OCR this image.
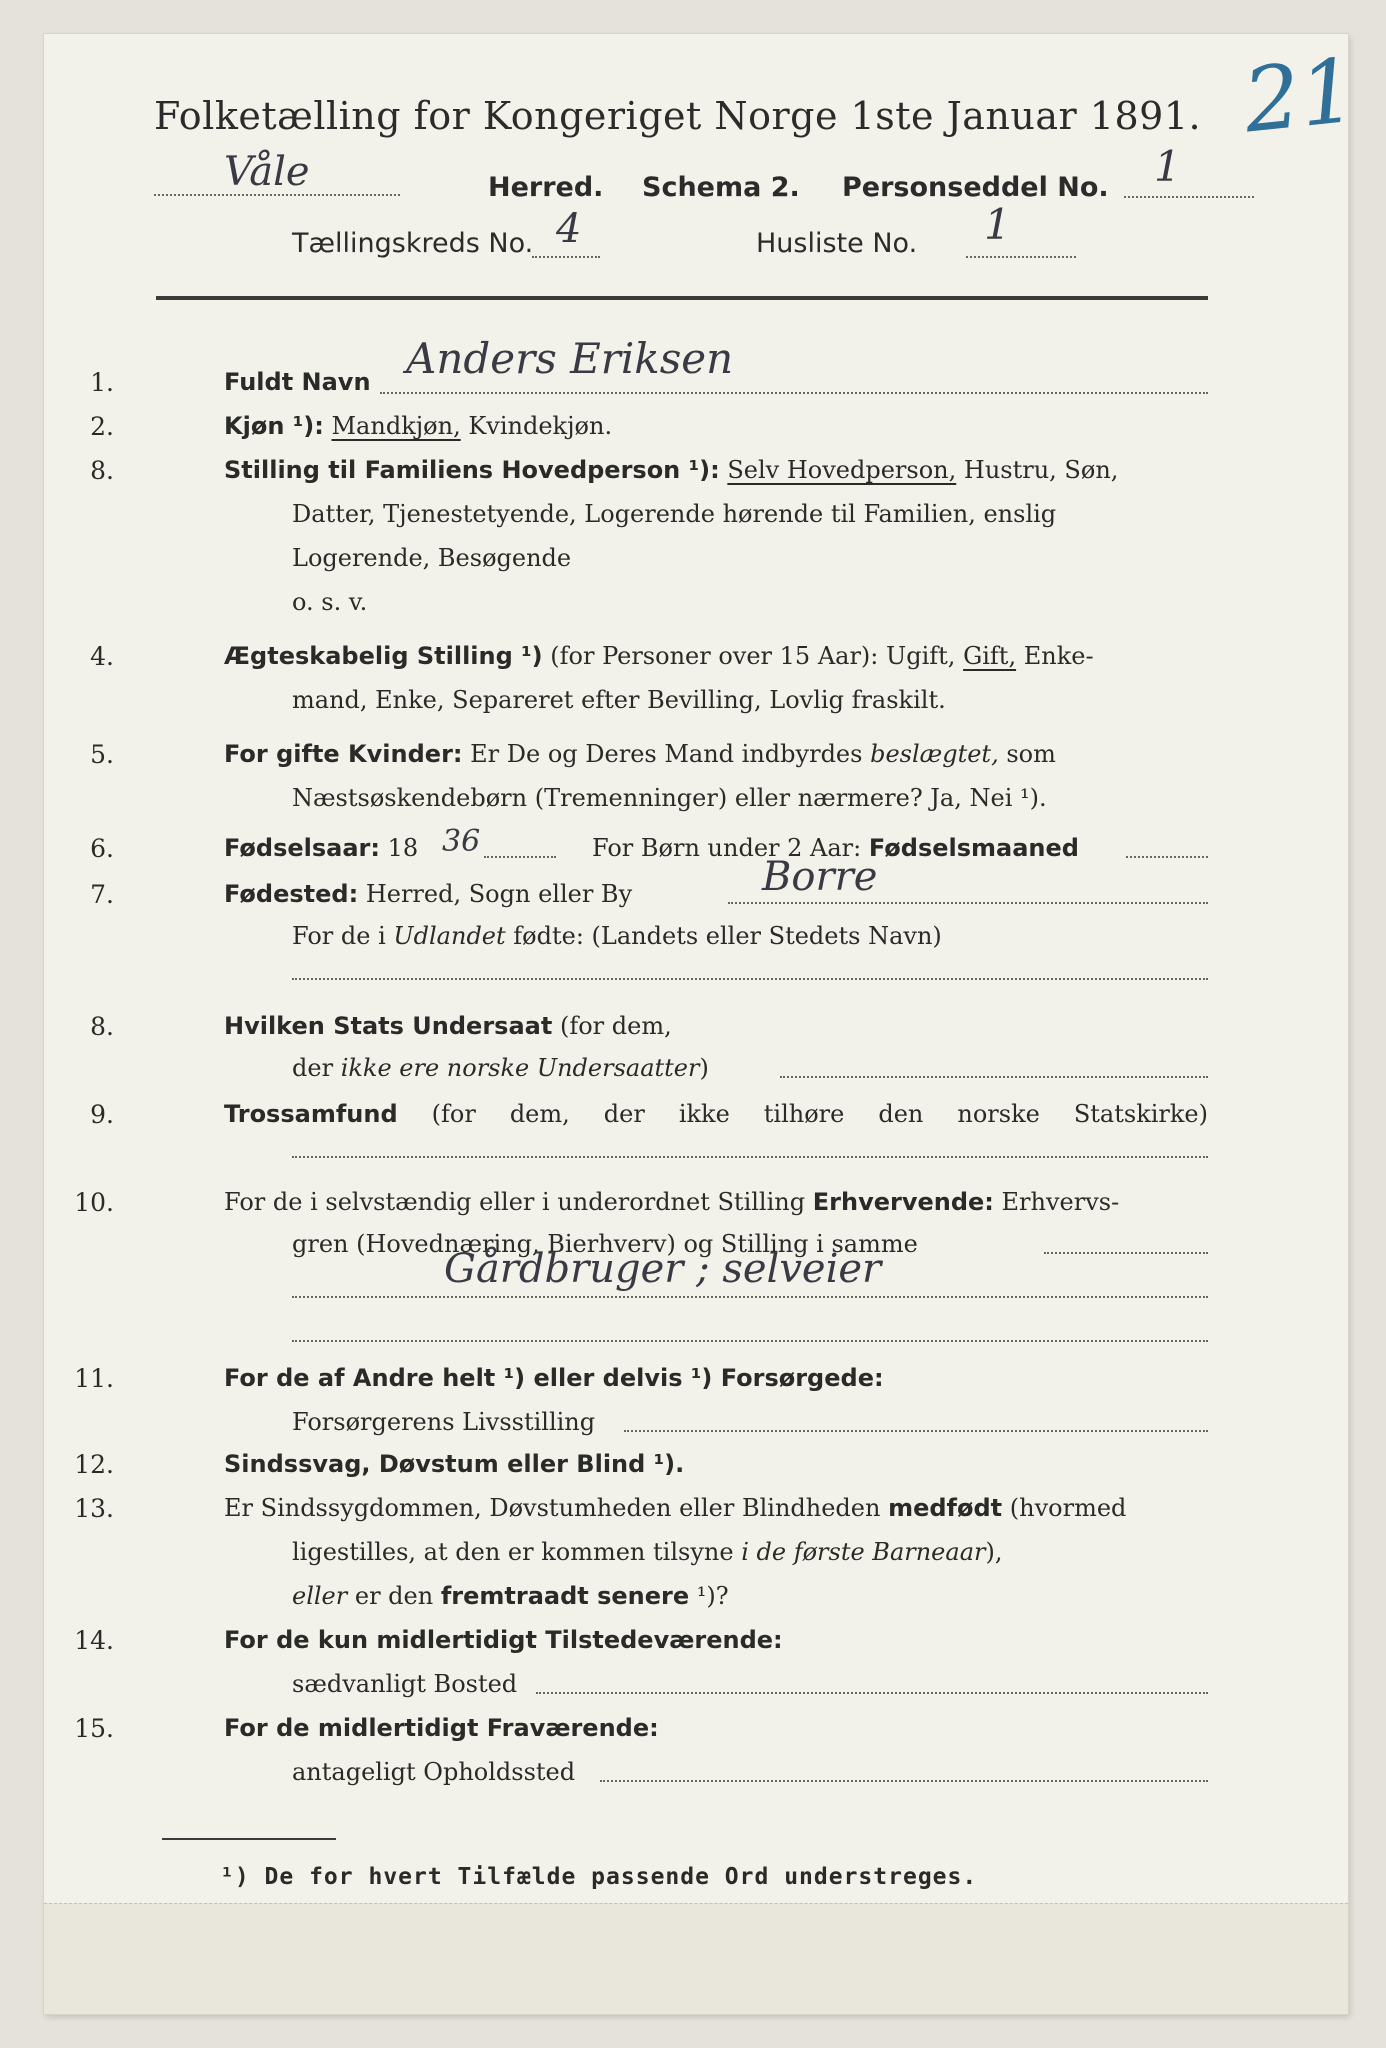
Folketælling for Kongeriget Norge 1ste Januar 1891. 21
Våle	Herred. Schema 2. Personseddel No. 1
Tællingskreds No. 4	Husliste No. 1
1.	Fuldt Navn Anders Eriksen
2.	Kjøn ¹): Mandkjøn, Kvindekjøn.
8.	Stilling til Familiens Hovedperson ¹): Selv Hovedperson, Hustru, Søn,
Datter, Tjenestetyende, Logerende hørende til Familien, enslig
Logerende, Besøgende
o. s. v.
4.	Ægteskabelig Stilling ¹) (for Personer over 15 Aar): Ugift, Gift, Enke-
mand, Enke, Separeret efter Bevilling, Lovlig fraskilt.
5.	For gifte Kvinder: Er De og Deres Mand indbyrdes beslægtet, som
Næstsøskendebørn (Tremenninger) eller nærmere? Ja, Nei ¹).
6.	Fødselsaar: 18 36	For Børn under 2 Aar: Fødselsmaaned
7.	Fødested: Herred, Sogn eller By	Borre
For de i Udlandet fødte: (Landets eller Stedets Navn)
8.	Hvilken Stats Undersaat (for dem,
der ikke ere norske Undersaatter)
9.	Trossamfund (for dem, der ikke tilhøre den norske Statskirke)
10.	For de i selvstændig eller i underordnet Stilling Erhvervende: Erhvervs-
gren (Hovednæring, Bierhverv) og Stilling i samme
Gårdbruger ; selveier
11.	For de af Andre helt ¹) eller delvis ¹) Forsørgede:
Forsørgerens Livsstilling
12.	Sindssvag, Døvstum eller Blind ¹).
13.	Er Sindssygdommen, Døvstumheden eller Blindheden medfødt (hvormed
ligestilles, at den er kommen tilsyne i de første Barneaar),
eller er den fremtraadt senere ¹)?
14.	For de kun midlertidigt Tilstedeværende:
sædvanligt Bosted
15.	For de midlertidigt Fraværende:
antageligt Opholdssted
¹) De for hvert Tilfælde passende Ord understreges.
